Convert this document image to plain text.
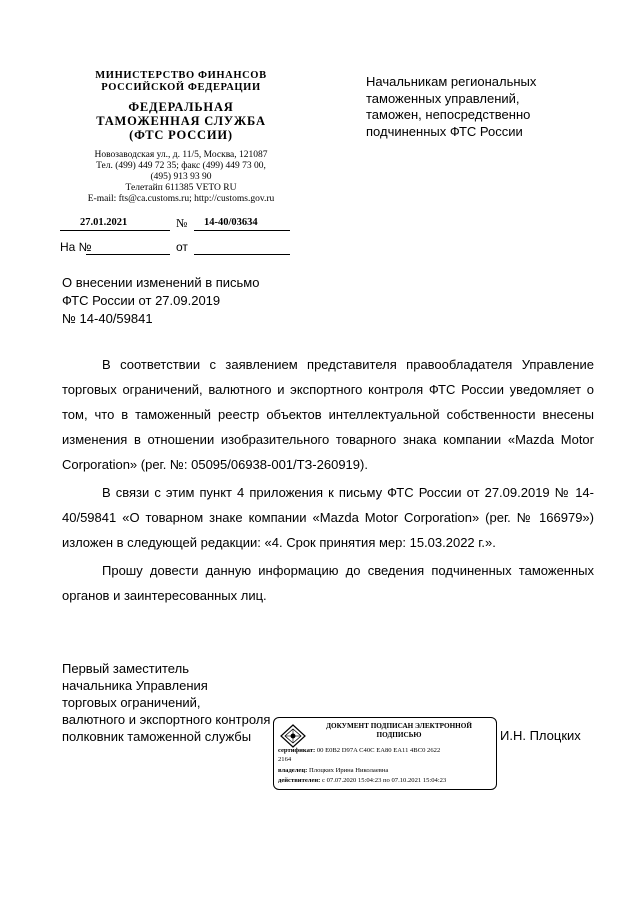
МИНИСТЕРСТВО ФИНАНСОВ
РОССИЙСКОЙ ФЕДЕРАЦИИ
ФЕДЕРАЛЬНАЯ
ТАМОЖЕННАЯ СЛУЖБА
(ФТС РОССИИ)
Новозаводская ул., д. 11/5, Москва, 121087
Тел. (499) 449 72 35; факс (499) 449 73 00,
(495) 913 93 90
Телетайп 611385 VETO RU
E-mail: fts@ca.customs.ru; http://customs.gov.ru
Начальникам региональных
таможенных управлений,
таможен, непосредственно
подчиненных ФТС России
27.01.2021	№ 14-40/03634
На №	от
О внесении изменений в письмо
ФТС России от 27.09.2019
№ 14-40/59841

В соответствии с заявлением представителя правообладателя Управление торговых ограничений, валютного и экспортного контроля ФТС России уведомляет о том, что в таможенный реестр объектов интеллектуальной собственности внесены изменения в отношении изобразительного товарного знака компании «Mazda Motor Corporation» (рег. №: 05095/06938-001/ТЗ-260919).

В связи с этим пункт 4 приложения к письму ФТС России от 27.09.2019 № 14-40/59841 «О товарном знаке компании «Mazda Motor Corporation» (рег. № 166979») изложен в следующей редакции: «4. Срок принятия мер: 15.03.2022 г.».

Прошу довести данную информацию до сведения подчиненных таможенных органов и заинтересованных лиц.

Первый заместитель
начальника Управления
торговых ограничений,
валютного и экспортного контроля
полковник таможенной службы	И.Н. Плоцких
ДОКУМЕНТ ПОДПИСАН ЭЛЕКТРОННОЙ
ПОДПИСЬЮ
сертификат: 00 E0B2 D97A C40C EA80 EA11 4BC0 2622
2164
владелец: Плоцких Ирина Николаевна
действителен: с 07.07.2020 15:04:23 по 07.10.2021 15:04:23
